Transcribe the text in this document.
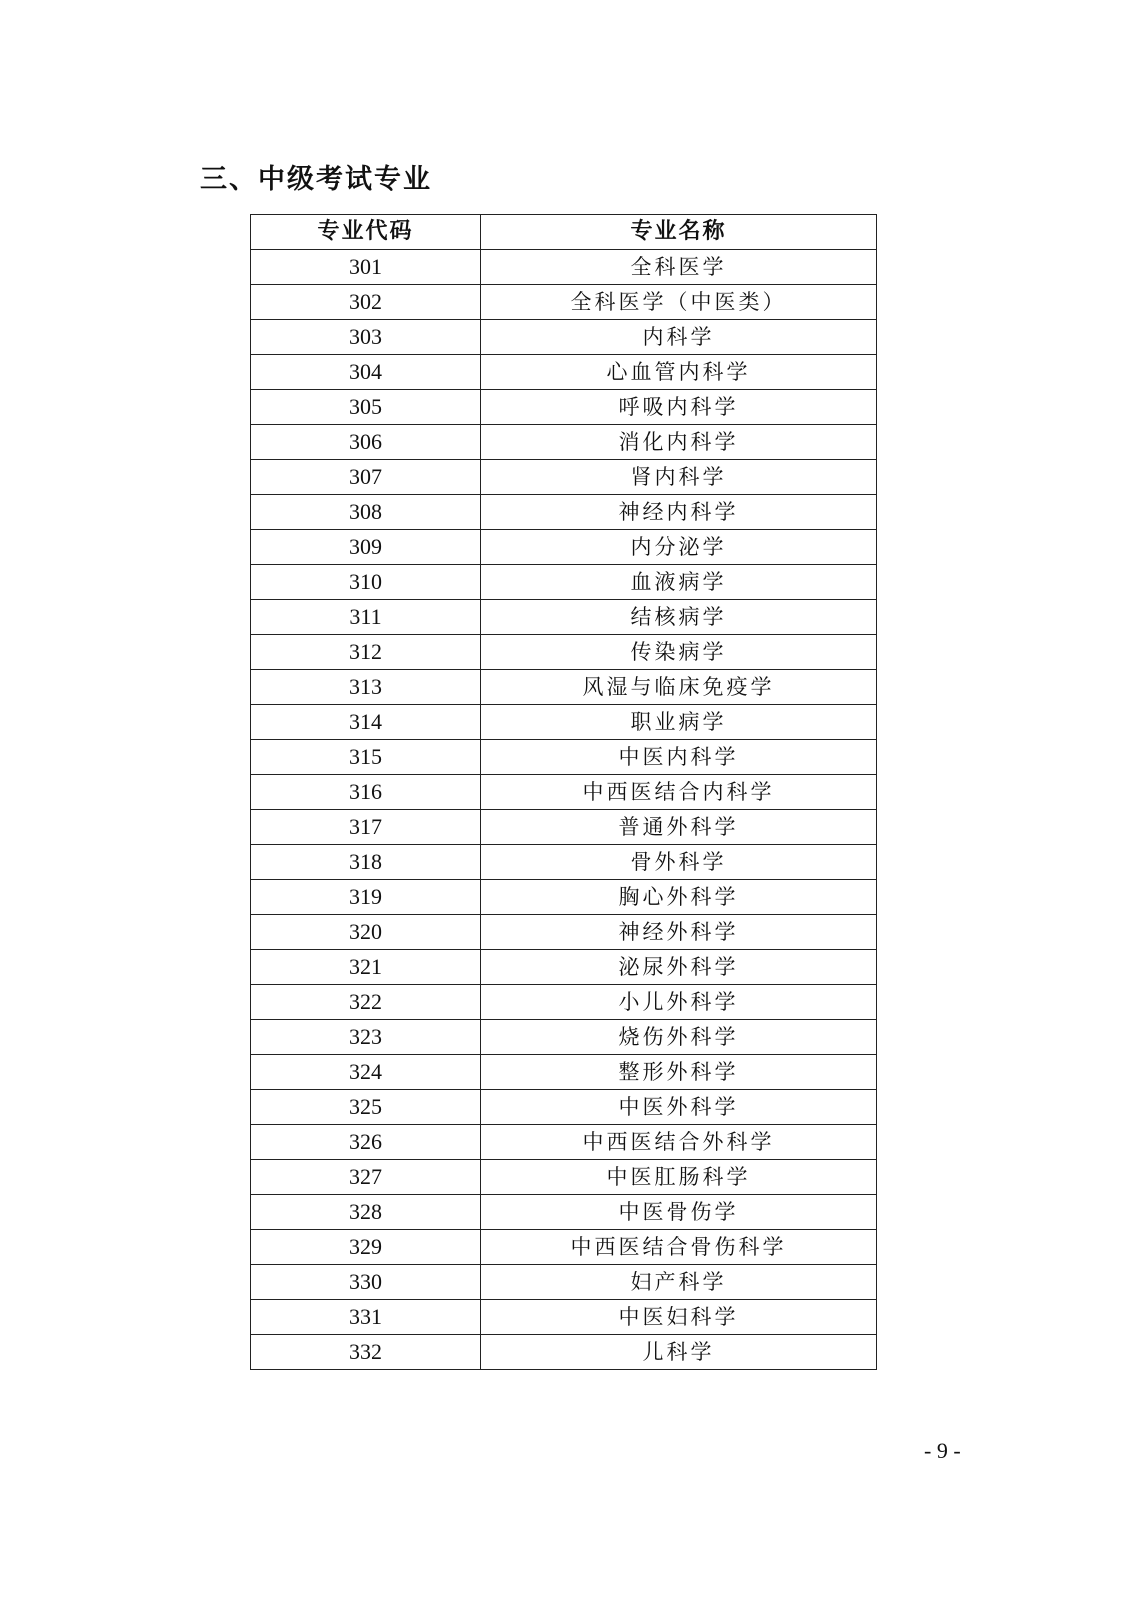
三、中级考试专业
专业代码	专业名称
301	全科医学
302	全科医学（中医类）
303	内科学
304	心血管内科学
305	呼吸内科学
306	消化内科学
307	肾内科学
308	神经内科学
309	内分泌学
310	血液病学
311	结核病学
312	传染病学
313	风湿与临床免疫学
314	职业病学
315	中医内科学
316	中西医结合内科学
317	普通外科学
318	骨外科学
319	胸心外科学
320	神经外科学
321	泌尿外科学
322	小儿外科学
323	烧伤外科学
324	整形外科学
325	中医外科学
326	中西医结合外科学
327	中医肛肠科学
328	中医骨伤学
329	中西医结合骨伤科学
330	妇产科学
331	中医妇科学
332	儿科学
- 9 -
